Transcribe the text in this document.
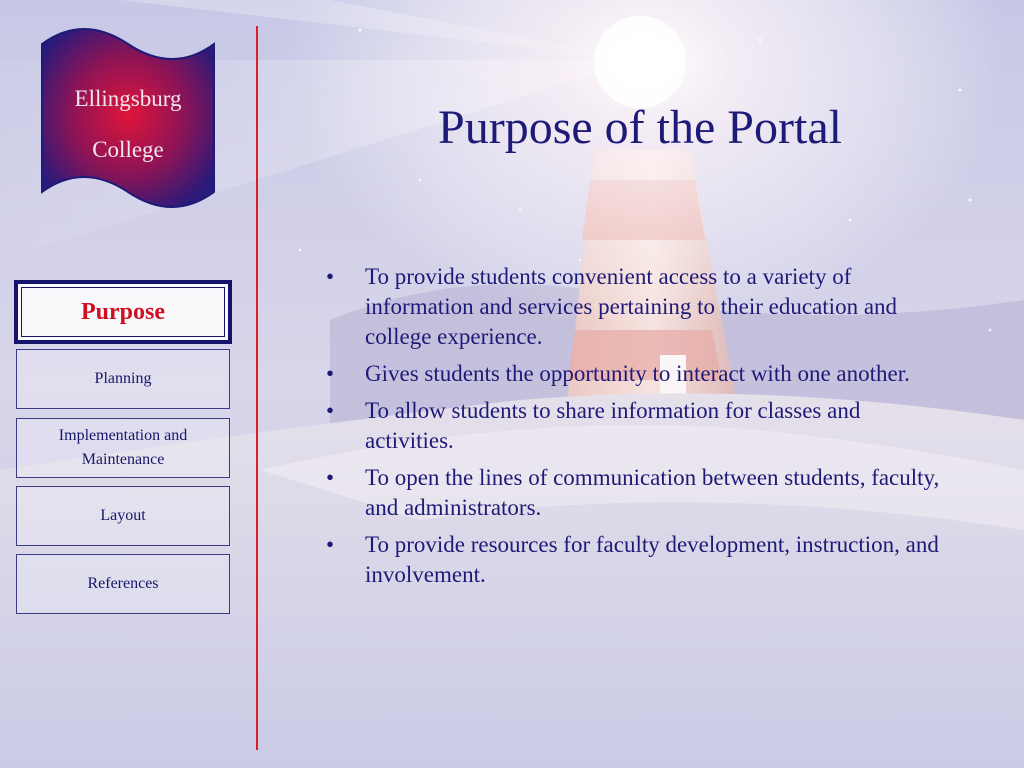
Ellingsburg
College
Purpose
Planning
Implementation and Maintenance
Layout
References
Purpose of the Portal
• To provide students convenient access to a variety of information and services pertaining to their education and college experience.
• Gives students the opportunity to interact with one another.
• To allow students to share information for classes and activities.
• To open the lines of communication between students, faculty, and administrators.
• To provide resources for faculty development, instruction, and involvement.
